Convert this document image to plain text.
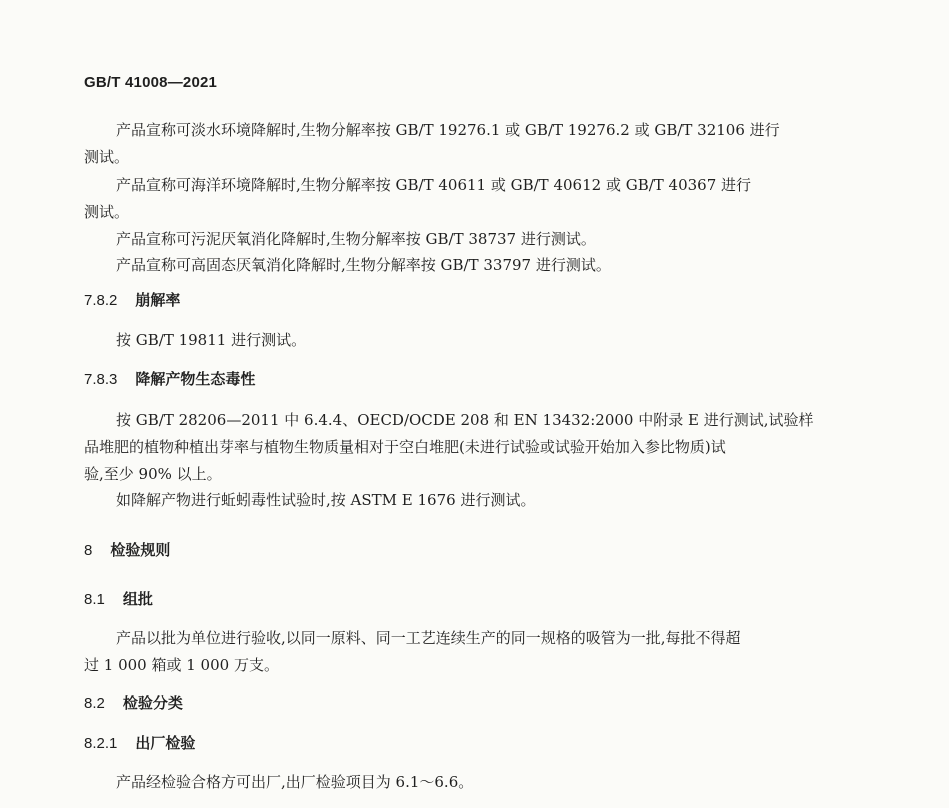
GB/T 41008—2021
产品宣称可淡水环境降解时,生物分解率按 GB/T 19276.1 或 GB/T 19276.2 或 GB/T 32106 进行
测试。
产品宣称可海洋环境降解时,生物分解率按 GB/T 40611 或 GB/T 40612 或 GB/T 40367 进行
测试。
产品宣称可污泥厌氧消化降解时,生物分解率按 GB/T 38737 进行测试。
产品宣称可高固态厌氧消化降解时,生物分解率按 GB/T 33797 进行测试。
7.8.2 崩解率
按 GB/T 19811 进行测试。
7.8.3 降解产物生态毒性
按 GB/T 28206—2011 中 6.4.4、OECD/OCDE 208 和 EN 13432:2000 中附录 E 进行测试,试验样
品堆肥的植物种植出芽率与植物生物质量相对于空白堆肥(未进行试验或试验开始加入参比物质)试
验,至少 90% 以上。
如降解产物进行蚯蚓毒性试验时,按 ASTM E 1676 进行测试。
8 检验规则
8.1 组批
产品以批为单位进行验收,以同一原料、同一工艺连续生产的同一规格的吸管为一批,每批不得超
过 1 000 箱或 1 000 万支。
8.2 检验分类
8.2.1 出厂检验
产品经检验合格方可出厂,出厂检验项目为 6.1～6.6。
